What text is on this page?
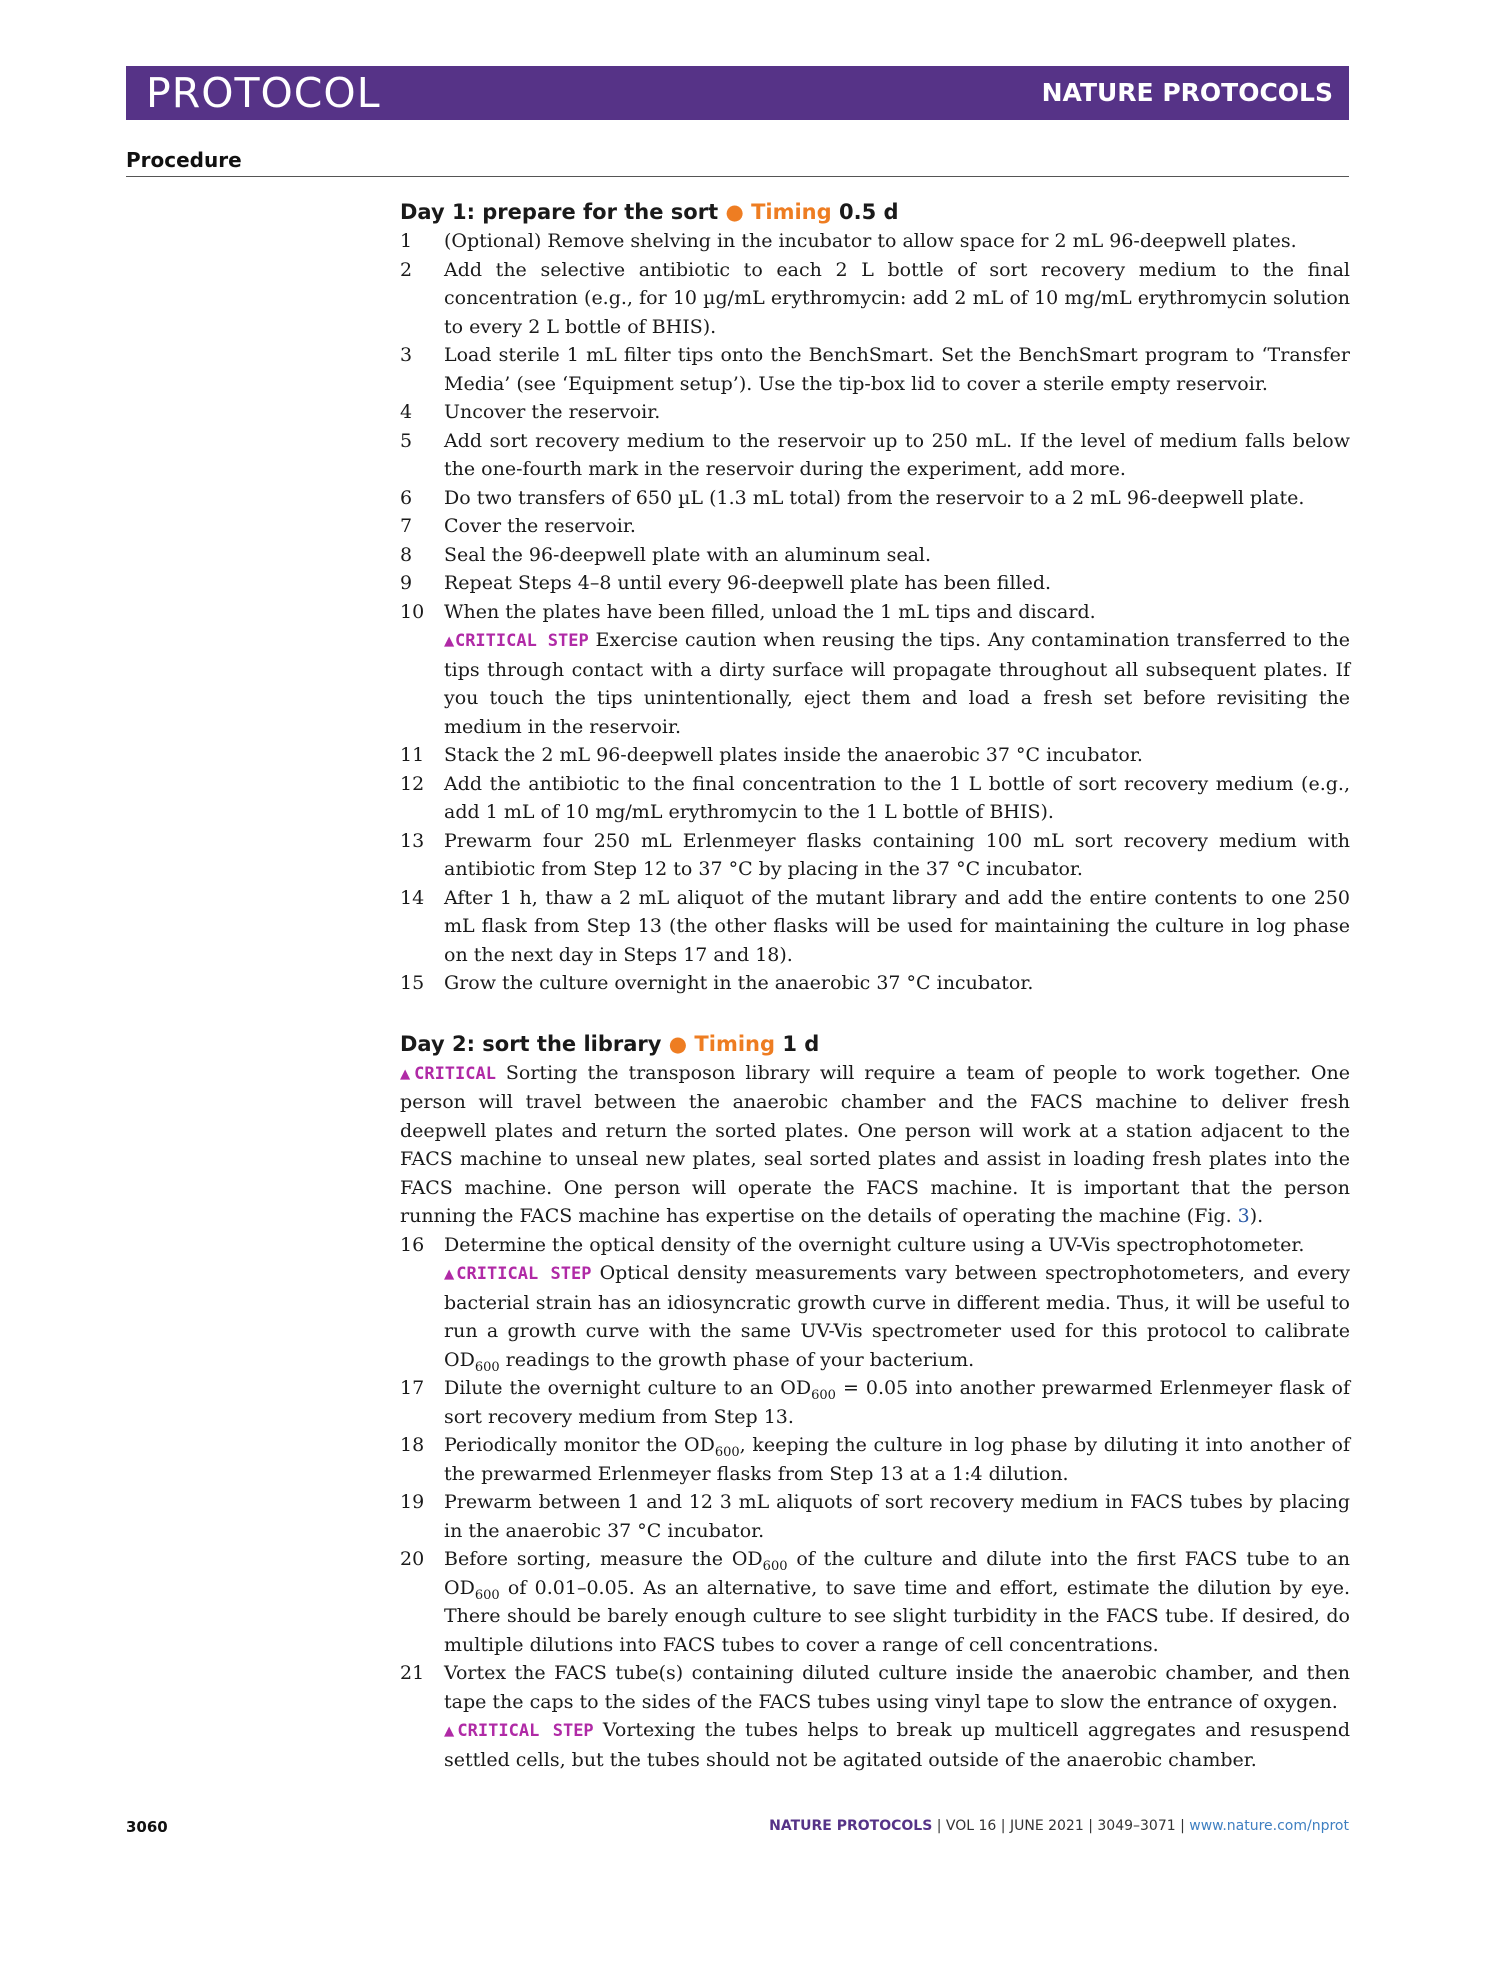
PROTOCOL	NATURE PROTOCOLS
Procedure
Day 1: prepare for the sort ● Timing 0.5 d
1 (Optional) Remove shelving in the incubator to allow space for 2 mL 96-deepwell plates.
2 Add the selective antibiotic to each 2 L bottle of sort recovery medium to the final concentration (e.g., for 10 µg/mL erythromycin: add 2 mL of 10 mg/mL erythromycin solution to every 2 L bottle of BHIS).
3 Load sterile 1 mL filter tips onto the BenchSmart. Set the BenchSmart program to ‘Transfer Media’ (see ‘Equipment setup’). Use the tip-box lid to cover a sterile empty reservoir.
4 Uncover the reservoir.
5 Add sort recovery medium to the reservoir up to 250 mL. If the level of medium falls below the one-fourth mark in the reservoir during the experiment, add more.
6 Do two transfers of 650 µL (1.3 mL total) from the reservoir to a 2 mL 96-deepwell plate.
7 Cover the reservoir.
8 Seal the 96-deepwell plate with an aluminum seal.
9 Repeat Steps 4–8 until every 96-deepwell plate has been filled.
10 When the plates have been filled, unload the 1 mL tips and discard.
▲CRITICAL STEP Exercise caution when reusing the tips. Any contamination transferred to the tips through contact with a dirty surface will propagate throughout all subsequent plates. If you touch the tips unintentionally, eject them and load a fresh set before revisiting the medium in the reservoir.
11 Stack the 2 mL 96-deepwell plates inside the anaerobic 37 °C incubator.
12 Add the antibiotic to the final concentration to the 1 L bottle of sort recovery medium (e.g., add 1 mL of 10 mg/mL erythromycin to the 1 L bottle of BHIS).
13 Prewarm four 250 mL Erlenmeyer flasks containing 100 mL sort recovery medium with antibiotic from Step 12 to 37 °C by placing in the 37 °C incubator.
14 After 1 h, thaw a 2 mL aliquot of the mutant library and add the entire contents to one 250 mL flask from Step 13 (the other flasks will be used for maintaining the culture in log phase on the next day in Steps 17 and 18).
15 Grow the culture overnight in the anaerobic 37 °C incubator.
Day 2: sort the library ● Timing 1 d
▲CRITICAL Sorting the transposon library will require a team of people to work together. One person will travel between the anaerobic chamber and the FACS machine to deliver fresh deepwell plates and return the sorted plates. One person will work at a station adjacent to the FACS machine to unseal new plates, seal sorted plates and assist in loading fresh plates into the FACS machine. One person will operate the FACS machine. It is important that the person running the FACS machine has expertise on the details of operating the machine (Fig. 3).
16 Determine the optical density of the overnight culture using a UV-Vis spectrophotometer.
▲CRITICAL STEP Optical density measurements vary between spectrophotometers, and every bacterial strain has an idiosyncratic growth curve in different media. Thus, it will be useful to run a growth curve with the same UV-Vis spectrometer used for this protocol to calibrate $OD_{600}$ readings to the growth phase of your bacterium.
17 Dilute the overnight culture to an $OD_{600} = 0.05$ into another prewarmed Erlenmeyer flask of sort recovery medium from Step 13.
18 Periodically monitor the $OD_{600}$, keeping the culture in log phase by diluting it into another of the prewarmed Erlenmeyer flasks from Step 13 at a 1:4 dilution.
19 Prewarm between 1 and 12 3 mL aliquots of sort recovery medium in FACS tubes by placing in the anaerobic 37 °C incubator.
20 Before sorting, measure the $OD_{600}$ of the culture and dilute into the first FACS tube to an $OD_{600}$ of 0.01–0.05. As an alternative, to save time and effort, estimate the dilution by eye. There should be barely enough culture to see slight turbidity in the FACS tube. If desired, do multiple dilutions into FACS tubes to cover a range of cell concentrations.
21 Vortex the FACS tube(s) containing diluted culture inside the anaerobic chamber, and then tape the caps to the sides of the FACS tubes using vinyl tape to slow the entrance of oxygen.
▲CRITICAL STEP Vortexing the tubes helps to break up multicell aggregates and resuspend settled cells, but the tubes should not be agitated outside of the anaerobic chamber.
3060	NATURE PROTOCOLS | VOL 16 | JUNE 2021 | 3049–3071 | www.nature.com/nprot
